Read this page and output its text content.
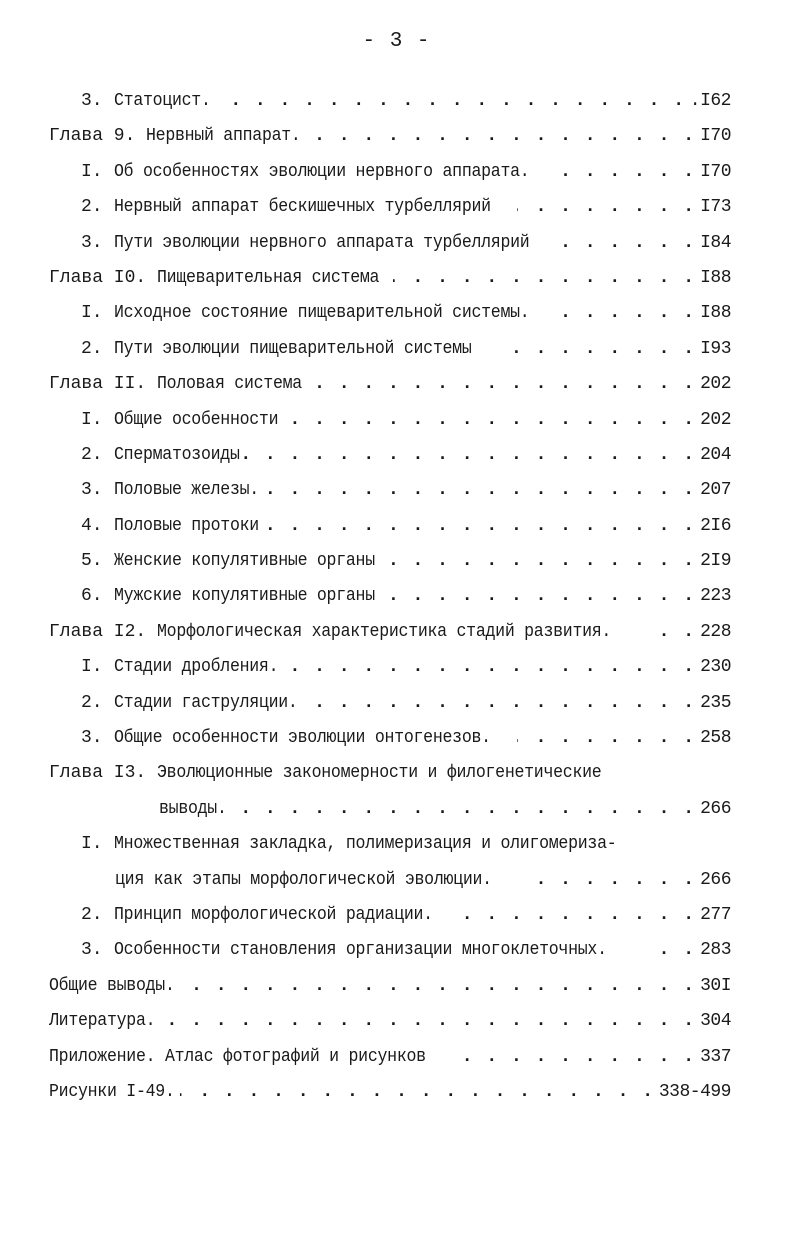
- 3 -
3. Статоцист. . . .	.I62
Глава 9. Нервный аппарат. . . .	I70
I. Об особенностях эволюции нервного аппарата. . . .	I70
2. Нервный аппарат бескишечных турбеллярий . . .	I73
3. Пути эволюции нервного аппарата турбеллярий . . .	I84
Глава I0. Пищеварительная система . . .	I88
I. Исходное состояние пищеварительной системы. . . .	I88
2. Пути эволюции пищеварительной системы . . .	I93
Глава II. Половая система . . .	202
I. Общие особенности . . .	202
2. Сперматозоиды . . .	204
3. Половые железы. . . .	207
4. Половые протоки . . .	2I6
5. Женские копулятивные органы . . .	2I9
6. Мужские копулятивные органы . . .	223
Глава I2. Морфологическая характеристика стадий развития. . . .	228
I. Стадии дробления. . . .	230
2. Стадии гаструляции. . . .	235
3. Общие особенности эволюции онтогенезов. . . .	258
Глава I3. Эволюционные закономерности и филогенетические
выводы. . . .	266
I. Множественная закладка, полимеризация и олигомериза-
ция как этапы морфологической эволюции. . . .	266
2. Принцип морфологической радиации. . . .	277
3. Особенности становления организации многоклеточных. . . .	283
Общие выводы. . . .	30I
Литература. . . .	304
Приложение. Атлас фотографий и рисунков . . .	337
Рисунки I-49. . . .	338-499
